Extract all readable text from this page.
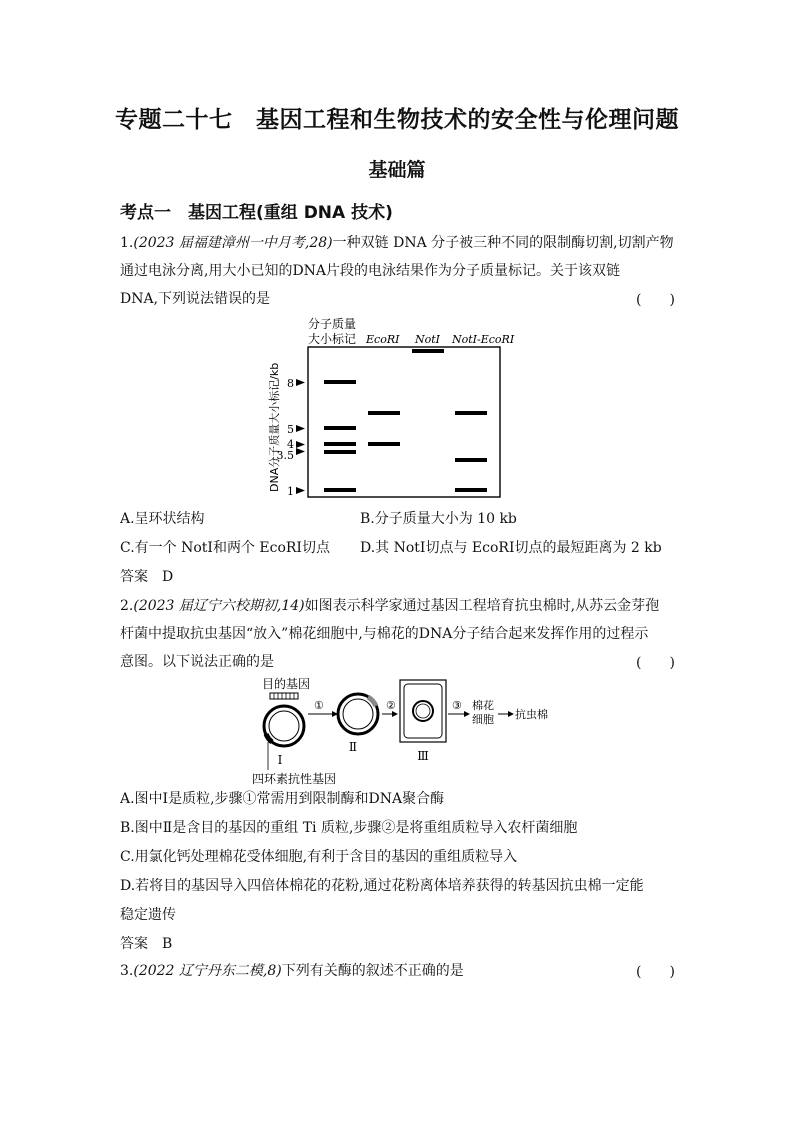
专题二十七　基因工程和生物技术的安全性与伦理问题
基础篇
考点一　基因工程(重组 DNA 技术)
1.(2023 届福建漳州一中月考,28)一种双链 DNA 分子被三种不同的限制酶切割,切割产物
通过电泳分离,用大小已知的DNA片段的电泳结果作为分子质量标记。关于该双链
DNA,下列说法错误的是	(　　)
分子质量
大小标记 EcoRⅠ NotⅠ NotⅠ-EcoRⅠ
DNA分子质量大小标记/kb 8
5
4
3.5
1
A.呈环状结构	B.分子质量大小为 10 kb
C.有一个 NotⅠ和两个 EcoRⅠ切点 D.其 NotⅠ切点与 EcoRⅠ切点的最短距离为 2 kb
答案　D
2.(2023 届辽宁六校期初,14)如图表示科学家通过基因工程培育抗虫棉时,从苏云金芽孢
杆菌中提取抗虫基因“放入”棉花细胞中,与棉花的DNA分子结合起来发挥作用的过程示
意图。以下说法正确的是	(　　)
目的基因
Ⅰ
四环素抗性基因
①
Ⅱ
②
Ⅲ
③ 棉花
细胞 抗虫棉
A.图中Ⅰ是质粒,步骤①常需用到限制酶和DNA聚合酶
B.图中Ⅱ是含目的基因的重组 Ti 质粒,步骤②是将重组质粒导入农杆菌细胞
C.用氯化钙处理棉花受体细胞,有利于含目的基因的重组质粒导入
D.若将目的基因导入四倍体棉花的花粉,通过花粉离体培养获得的转基因抗虫棉一定能
稳定遗传
答案　B
3.(2022 辽宁丹东二模,8)下列有关酶的叙述不正确的是	(　　)
